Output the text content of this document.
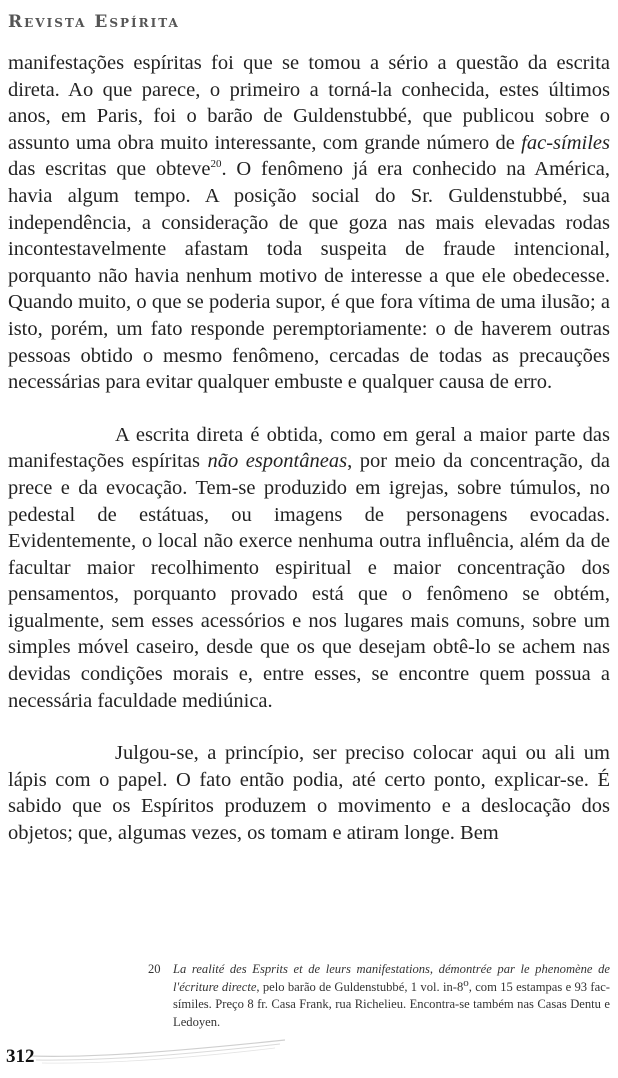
Revista Espírita

manifestações espíritas foi que se tomou a sério a questão da escrita direta. Ao que parece, o primeiro a torná-la conhecida, estes últimos anos, em Paris, foi o barão de Guldenstubbé, que publicou sobre o assunto uma obra muito interessante, com grande número de fac-símiles das escritas que obteve$^{20}$. O fenômeno já era conhecido na América, havia algum tempo. A posição social do Sr. Guldenstubbé, sua independência, a consideração de que goza nas mais elevadas rodas incontestavelmente afastam toda suspeita de fraude intencional, porquanto não havia nenhum motivo de interesse a que ele obedecesse. Quando muito, o que se poderia supor, é que fora vítima de uma ilusão; a isto, porém, um fato responde peremptoriamente: o de haverem outras pessoas obtido o mesmo fenômeno, cercadas de todas as precauções necessárias para evitar qualquer embuste e qualquer causa de erro.

A escrita direta é obtida, como em geral a maior parte das manifestações espíritas não espontâneas, por meio da concentração, da prece e da evocação. Tem-se produzido em igrejas, sobre túmulos, no pedestal de estátuas, ou imagens de personagens evocadas. Evidentemente, o local não exerce nenhuma outra influência, além da de facultar maior recolhimento espiritual e maior concentração dos pensamentos, porquanto provado está que o fenômeno se obtém, igualmente, sem esses acessórios e nos lugares mais comuns, sobre um simples móvel caseiro, desde que os que desejam obtê-lo se achem nas devidas condições morais e, entre esses, se encontre quem possua a necessária faculdade mediúnica.

Julgou-se, a princípio, ser preciso colocar aqui ou ali um lápis com o papel. O fato então podia, até certo ponto, explicar-se. É sabido que os Espíritos produzem o movimento e a deslocação dos objetos; que, algumas vezes, os tomam e atiram longe. Bem

20 La realité des Esprits et de leurs manifestations, démontrée par le phenomène de l'écriture directe, pelo barão de Guldenstubbé, 1 vol. in-8$^o$, com 15 estampas e 93 fac-símiles. Preço 8 fr. Casa Frank, rua Richelieu. Encontra-se também nas Casas Dentu e Ledoyen.
312
